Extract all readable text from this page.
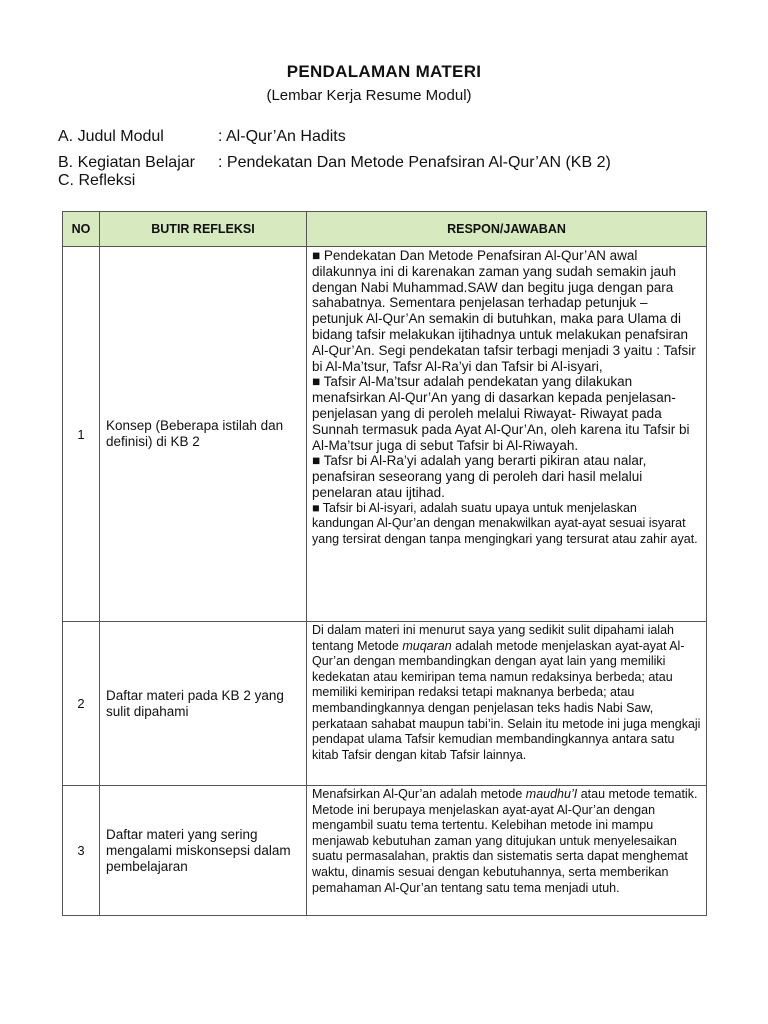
PENDALAMAN MATERI
(Lembar Kerja Resume Modul)
A. Judul Modul	: Al-Qur’An Hadits
B. Kegiatan Belajar : Pendekatan Dan Metode Penafsiran Al-Qur’AN (KB 2)
C. Refleksi
NO	BUTIR REFLEKSI	RESPON/JAWABAN
1	Konsep (Beberapa istilah dan definisi) di KB 2	■ Pendekatan Dan Metode Penafsiran Al-Qur’AN awal dilakunnya ini di karenakan zaman yang sudah semakin jauh dengan Nabi Muhammad.SAW dan begitu juga dengan para sahabatnya. Sementara penjelasan terhadap petunjuk – petunjuk Al-Qur’An semakin di butuhkan, maka para Ulama di bidang tafsir melakukan ijtihadnya untuk melakukan penafsiran Al-Qur’An. Segi pendekatan tafsir terbagi menjadi 3 yaitu : Tafsir bi Al-Ma’tsur, Tafsr Al-Ra’yi dan Tafsir bi Al-isyari,

■ Tafsir Al-Ma’tsur adalah pendekatan yang dilakukan menafsirkan Al-Qur’An yang di dasarkan kepada penjelasan-penjelasan yang di peroleh melalui Riwayat- Riwayat pada Sunnah termasuk pada Ayat Al-Qur’An, oleh karena itu Tafsir bi Al-Ma’tsur juga di sebut Tafsir bi Al-Riwayah.

■ Tafsr bi Al-Ra’yi adalah yang berarti pikiran atau nalar, penafsiran seseorang yang di peroleh dari hasil melalui penelaran atau ijtihad.

■ Tafsir bi Al-isyari, adalah suatu upaya untuk menjelaskan kandungan Al-Qur’an dengan menakwilkan ayat-ayat sesuai isyarat yang tersirat dengan tanpa mengingkari yang tersurat atau zahir ayat.

2	Daftar materi pada KB 2 yang sulit dipahami	Di dalam materi ini menurut saya yang sedikit sulit dipahami ialah tentang Metode muqaran adalah metode menjelaskan ayat-ayat Al-Qur’an dengan membandingkan dengan ayat lain yang memiliki kedekatan atau kemiripan tema namun redaksinya berbeda; atau memiliki kemiripan redaksi tetapi maknanya berbeda; atau membandingkannya dengan penjelasan teks hadis Nabi Saw, perkataan sahabat maupun tabi’in. Selain itu metode ini juga mengkaji pendapat ulama Tafsir kemudian membandingkannya antara satu kitab Tafsir dengan kitab Tafsir lainnya.
3	Daftar materi yang sering mengalami miskonsepsi dalam pembelajaran	Menafsirkan Al-Qur’an adalah metode maudhu’I atau metode tematik. Metode ini berupaya menjelaskan ayat-ayat Al-Qur’an dengan mengambil suatu tema tertentu. Kelebihan metode ini mampu menjawab kebutuhan zaman yang ditujukan untuk menyelesaikan suatu permasalahan, praktis dan sistematis serta dapat menghemat waktu, dinamis sesuai dengan kebutuhannya, serta memberikan pemahaman Al-Qur’an tentang satu tema menjadi utuh.
